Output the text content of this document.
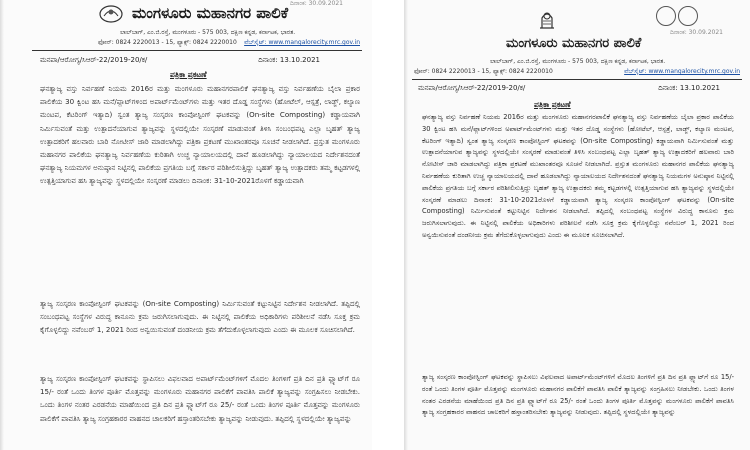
ದಿನಾಂಕ: 30.09.2021
ಮಂಗಳೂರು ಮಹಾನಗರ ಪಾಲಿಕೆ
ಲಾಲ್‌ಬಾಗ್, ಎಂ.ಜಿ.ರಸ್ತೆ, ಮಂಗಳೂರು - 575 003, ದಕ್ಷಿಣ ಕನ್ನಡ, ಕರ್ನಾಟಕ, ಭಾರತ.
ಫೋನ್: 0824 2220013 - 15, ಫ್ಯಾಕ್ಸ್: 0824 2220010 ವೆಬ್‌ಸೈಟ್: www.mangalorecity.mrc.gov.in
ಮನಪಾ/ಆರೋಗ್ಯ/ಸಿಆರ್-22/2019-20/ಕ/	ದಿನಾಂಕ: 13.10.2021
ಪತ್ರಿಕಾ ಪ್ರಕಟಣೆ
ಘನತ್ಯಾಜ್ಯ ವಸ್ತು ನಿರ್ವಹಣೆ ನಿಯಮ 2016ರ ಮತ್ತು ಮಂಗಳೂರು ಮಹಾನಗರಪಾಲಿಕೆ ಘನತ್ಯಾಜ್ಯ ವಸ್ತು ನಿರ್ವಹಣೆಯ ಬೈಲಾ ಪ್ರಕಾರ ಪಾಲಿಕೆಯ 30 ಕ್ವಿಂಟ ಹಸಿ ಮನೆ/ಪ್ಲಾಟ್‌ಗಳಿಂದ ಅಪಾರ್ಟ್‌ಮೆಂಟ್‌ಗಳು ಮತ್ತು ಇತರ ದೊಡ್ಡ ಸಂಸ್ಥೆಗಳು (ಹೋಟೆಲ್, ಆಸ್ಪತ್ರೆ, ಲಾಡ್ಜ್, ಕಲ್ಯಾಣ ಮಂಟಪ, ಕೆಟರಿಂಗ್ ಇತ್ಯಾದಿ) ಸ್ವಂತ ತ್ಯಾಜ್ಯ ಸಂಸ್ಕರಣ ಕಾಂಪೋಸ್ಟಿಂಗ್ ಘಟಕವನ್ನು (On-site Composting) ಕಡ್ಡಾಯವಾಗಿ ನಿರ್ಮಿಸುವಂತೆ ಮತ್ತು ಉತ್ಪಾದನೆಯಾಗುವ ತ್ಯಾಜ್ಯವನ್ನು ಸ್ಥಳದಲ್ಲಿಯೇ ಸಂಸ್ಕರಣೆ ಮಾಡುವಂತೆ ತಿಳಿಸಿ ಸಂಬಂಧಪಟ್ಟ ಎಲ್ಲಾ ಬೃಹತ್ ತ್ಯಾಜ್ಯ ಉತ್ಪಾದಕರಿಗೆ ಹಲವಾರು ಬಾರಿ ನೋಟೀಸ್ ಜಾರಿ ಮಾಡಲಾಗಿದ್ದು ಪತ್ರಿಕಾ ಪ್ರಕಟಣೆ ಮುಖಾಂತರವೂ ಸೂಚನೆ ನೀಡಲಾಗಿದೆ. ಪ್ರಸ್ತುತ ಮಂಗಳೂರು ಮಹಾನಗರ ಪಾಲಿಕೆಯ ಘನತ್ಯಾಜ್ಯ ನಿರ್ವಹಣೆಯ ಕುರಿತಾಗಿ ಉಚ್ಚ ನ್ಯಾಯಾಲಯದಲ್ಲಿ ದಾವೆ ಹೂಡಲಾಗಿದ್ದು ನ್ಯಾಯಾಲಯದ ನಿರ್ದೇಶನದಂತೆ ಘನತ್ಯಾಜ್ಯ ನಿಯಮಗಳ ಅನುಷ್ಠಾನ ನಿಟ್ಟಿನಲ್ಲಿ ಪಾಲಿಕೆಯ ಪ್ರಗತಿಯ ಬಗ್ಗೆ ಸರ್ಕಾರ ಪರಿಶೀಲಿಸುತ್ತಿದ್ದು ಬೃಹತ್ ತ್ಯಾಜ್ಯ ಉತ್ಪಾದಕರು ತಮ್ಮ ಕಟ್ಟಡಗಳಲ್ಲಿ ಉತ್ಪತ್ತಿಯಾಗುವ ಹಸಿ ತ್ಯಾಜ್ಯವನ್ನು ಸ್ಥಳದಲ್ಲಿಯೇ ಸಂಸ್ಕರಣೆ ಮಾಡಲು ದಿನಾಂಕ: 31-10-2021ರೊಳಗೆ ಕಡ್ಡಾಯವಾಗಿ
ತ್ಯಾಜ್ಯ ಸಂಸ್ಕರಣ ಕಾಂಪೋಸ್ಟಿಂಗ್ ಘಟಕವನ್ನು (On-site Composting) ನಿರ್ಮಿಸುವಂತೆ ಕಟ್ಟುನಿಟ್ಟಿನ ನಿರ್ದೇಶನ ನೀಡಲಾಗಿದೆ. ತಪ್ಪಿದಲ್ಲಿ ಸಂಬಂಧಪಟ್ಟ ಸಂಸ್ಥೆಗಳ ವಿರುದ್ಧ ಕಾನೂನು ಕ್ರಮ ಜರುಗಿಸಲಾಗುವುದು. ಈ ನಿಟ್ಟಿನಲ್ಲಿ ಪಾಲಿಕೆಯ ಅಧಿಕಾರಿಗಳು ಪರಿಶೀಲನೆ ನಡೆಸಿ ಸೂಕ್ತ ಕ್ರಮ ಕೈಗೊಳ್ಳಲಿದ್ದು ನವೆಂಬರ್ 1, 2021 ರಿಂದ ಅನ್ವಯಿಸುವಂತೆ ದಂಡನೀಯ ಕ್ರಮ ತೆಗೆದುಕೊಳ್ಳಲಾಗುವುದು ಎಂದು ಈ ಮೂಲಕ ಸೂಚಿಸಲಾಗಿದೆ.
ತ್ಯಾಜ್ಯ ಸಂಸ್ಕರಣ ಕಾಂಪೋಸ್ಟಿಂಗ್ ಘಟಕವನ್ನು ಸ್ಥಾಪಿಸಲು ವಿಫಲವಾದ ಅಪಾರ್ಟ್‌ಮೆಂಟ್‌ಗಳಿಗೆ ಮೊದಲ ತಿಂಗಳಿಗೆ ಪ್ರತಿ ದಿನ ಪ್ರತಿ ಫ್ಲ್ಯಾಟ್‌ಗೆ ರೂ 15/- ರಂತೆ ಒಂದು ತಿಂಗಳ ಪೂರ್ತಿ ಮೊತ್ತವನ್ನು ಮಂಗಳೂರು ಮಹಾನಗರ ಪಾಲಿಕೆಗೆ ಪಾವತಿಸಿ ಪಾಲಿಕೆ ತ್ಯಾಜ್ಯವನ್ನು ಸಂಗ್ರಹಿಸಲು ನೀಡಬೇಕು. ಒಂದು ತಿಂಗಳ ನಂತರ ಎರಡನೆಯ ಮಾಹೆಯಿಂದ ಪ್ರತಿ ದಿನ ಪ್ರತಿ ಫ್ಲ್ಯಾಟ್‌ಗೆ ರೂ 25/- ರಂತೆ ಒಂದು ತಿಂಗಳ ಪೂರ್ತಿ ಮೊತ್ತವನ್ನು ಮಂಗಳೂರು ಪಾಲಿಕೆಗೆ ಪಾವತಿಸಿ ತ್ಯಾಜ್ಯ ಸಂಗ್ರಹಕಾರರ ವಾಹನದ ಚಾಲಕರಿಗೆ ಹಸ್ತಾಂತರಿಸಬೇಕು ತ್ಯಾಜ್ಯವನ್ನು ನೀಡುವುದು. ತಪ್ಪಿದಲ್ಲಿ ಸ್ಥಳದಲ್ಲಿಯೇ ತ್ಯಾಜ್ಯವನ್ನು
ದಿನಾಂಕ: 30.09.2021
ಮಂಗಳೂರು ಮಹಾನಗರ ಪಾಲಿಕೆ
ಲಾಲ್‌ಬಾಗ್, ಎಂ.ಜಿ.ರಸ್ತೆ, ಮಂಗಳೂರು - 575 003, ದಕ್ಷಿಣ ಕನ್ನಡ, ಕರ್ನಾಟಕ, ಭಾರತ.
ಫೋನ್: 0824 2220013 - 15, ಫ್ಯಾಕ್ಸ್: 0824 2220010	ವೆಬ್‌ಸೈಟ್: www.mangalorecity.mrc.gov.in
ಮನಪಾ/ಆರೋಗ್ಯ/ಸಿಆರ್-22/2019-20/ಕ/	ದಿನಾಂಕ: 13.10.2021
ಪತ್ರಿಕಾ ಪ್ರಕಟಣೆ
ಘನತ್ಯಾಜ್ಯ ವಸ್ತು ನಿರ್ವಹಣೆ ನಿಯಮ 2016ರ ಮತ್ತು ಮಂಗಳೂರು ಮಹಾನಗರಪಾಲಿಕೆ ಘನತ್ಯಾಜ್ಯ ವಸ್ತು ನಿರ್ವಹಣೆಯ ಬೈಲಾ ಪ್ರಕಾರ ಪಾಲಿಕೆಯ 30 ಕ್ವಿಂಟ ಹಸಿ ಮನೆ/ಪ್ಲಾಟ್‌ಗಳಿಂದ ಅಪಾರ್ಟ್‌ಮೆಂಟ್‌ಗಳು ಮತ್ತು ಇತರ ದೊಡ್ಡ ಸಂಸ್ಥೆಗಳು (ಹೋಟೆಲ್, ಆಸ್ಪತ್ರೆ, ಲಾಡ್ಜ್, ಕಲ್ಯಾಣ ಮಂಟಪ, ಕೆಟರಿಂಗ್ ಇತ್ಯಾದಿ) ಸ್ವಂತ ತ್ಯಾಜ್ಯ ಸಂಸ್ಕರಣ ಕಾಂಪೋಸ್ಟಿಂಗ್ ಘಟಕವನ್ನು (On-site Composting) ಕಡ್ಡಾಯವಾಗಿ ನಿರ್ಮಿಸುವಂತೆ ಮತ್ತು ಉತ್ಪಾದನೆಯಾಗುವ ತ್ಯಾಜ್ಯವನ್ನು ಸ್ಥಳದಲ್ಲಿಯೇ ಸಂಸ್ಕರಣೆ ಮಾಡುವಂತೆ ತಿಳಿಸಿ ಸಂಬಂಧಪಟ್ಟ ಎಲ್ಲಾ ಬೃಹತ್ ತ್ಯಾಜ್ಯ ಉತ್ಪಾದಕರಿಗೆ ಹಲವಾರು ಬಾರಿ ನೋಟೀಸ್ ಜಾರಿ ಮಾಡಲಾಗಿದ್ದು ಪತ್ರಿಕಾ ಪ್ರಕಟಣೆ ಮುಖಾಂತರವೂ ಸೂಚನೆ ನೀಡಲಾಗಿದೆ. ಪ್ರಸ್ತುತ ಮಂಗಳೂರು ಮಹಾನಗರ ಪಾಲಿಕೆಯ ಘನತ್ಯಾಜ್ಯ ನಿರ್ವಹಣೆಯ ಕುರಿತಾಗಿ ಉಚ್ಚ ನ್ಯಾಯಾಲಯದಲ್ಲಿ ದಾವೆ ಹೂಡಲಾಗಿದ್ದು ನ್ಯಾಯಾಲಯದ ನಿರ್ದೇಶನದಂತೆ ಘನತ್ಯಾಜ್ಯ ನಿಯಮಗಳ ಅನುಷ್ಠಾನ ನಿಟ್ಟಿನಲ್ಲಿ ಪಾಲಿಕೆಯ ಪ್ರಗತಿಯ ಬಗ್ಗೆ ಸರ್ಕಾರ ಪರಿಶೀಲಿಸುತ್ತಿದ್ದು ಬೃಹತ್ ತ್ಯಾಜ್ಯ ಉತ್ಪಾದಕರು ತಮ್ಮ ಕಟ್ಟಡಗಳಲ್ಲಿ ಉತ್ಪತ್ತಿಯಾಗುವ ಹಸಿ ತ್ಯಾಜ್ಯವನ್ನು ಸ್ಥಳದಲ್ಲಿಯೇ ಸಂಸ್ಕರಣೆ ಮಾಡಲು ದಿನಾಂಕ: 31-10-2021ರೊಳಗೆ ಕಡ್ಡಾಯವಾಗಿ ತ್ಯಾಜ್ಯ ಸಂಸ್ಕರಣ ಕಾಂಪೋಸ್ಟಿಂಗ್ ಘಟಕವನ್ನು (On-site Composting) ನಿರ್ಮಿಸುವಂತೆ ಕಟ್ಟುನಿಟ್ಟಿನ ನಿರ್ದೇಶನ ನೀಡಲಾಗಿದೆ. ತಪ್ಪಿದಲ್ಲಿ ಸಂಬಂಧಪಟ್ಟ ಸಂಸ್ಥೆಗಳ ವಿರುದ್ಧ ಕಾನೂನು ಕ್ರಮ ಜರುಗಿಸಲಾಗುವುದು. ಈ ನಿಟ್ಟಿನಲ್ಲಿ ಪಾಲಿಕೆಯ ಅಧಿಕಾರಿಗಳು ಪರಿಶೀಲನೆ ನಡೆಸಿ ಸೂಕ್ತ ಕ್ರಮ ಕೈಗೊಳ್ಳಲಿದ್ದು ನವೆಂಬರ್ 1, 2021 ರಿಂದ ಅನ್ವಯಿಸುವಂತೆ ದಂಡನೀಯ ಕ್ರಮ ತೆಗೆದುಕೊಳ್ಳಲಾಗುವುದು ಎಂದು ಈ ಮೂಲಕ ಸೂಚಿಸಲಾಗಿದೆ.
ತ್ಯಾಜ್ಯ ಸಂಸ್ಕರಣ ಕಾಂಪೋಸ್ಟಿಂಗ್ ಘಟಕವನ್ನು ಸ್ಥಾಪಿಸಲು ವಿಫಲವಾದ ಅಪಾರ್ಟ್‌ಮೆಂಟ್‌ಗಳಿಗೆ ಮೊದಲ ತಿಂಗಳಿಗೆ ಪ್ರತಿ ದಿನ ಪ್ರತಿ ಫ್ಲ್ಯಾಟ್‌ಗೆ ರೂ 15/- ರಂತೆ ಒಂದು ತಿಂಗಳ ಪೂರ್ತಿ ಮೊತ್ತವನ್ನು ಮಂಗಳೂರು ಮಹಾನಗರ ಪಾಲಿಕೆಗೆ ಪಾವತಿಸಿ ಪಾಲಿಕೆ ತ್ಯಾಜ್ಯವನ್ನು ಸಂಗ್ರಹಿಸಲು ನೀಡಬೇಕು. ಒಂದು ತಿಂಗಳ ನಂತರ ಎರಡನೆಯ ಮಾಹೆಯಿಂದ ಪ್ರತಿ ದಿನ ಪ್ರತಿ ಫ್ಲ್ಯಾಟ್‌ಗೆ ರೂ 25/- ರಂತೆ ಒಂದು ತಿಂಗಳ ಪೂರ್ತಿ ಮೊತ್ತವನ್ನು ಮಂಗಳೂರು ಪಾಲಿಕೆಗೆ ಪಾವತಿಸಿ ತ್ಯಾಜ್ಯ ಸಂಗ್ರಹಕಾರರ ವಾಹನದ ಚಾಲಕರಿಗೆ ಹಸ್ತಾಂತರಿಸಬೇಕು ತ್ಯಾಜ್ಯವನ್ನು ನೀಡುವುದು. ತಪ್ಪಿದಲ್ಲಿ ಸ್ಥಳದಲ್ಲಿಯೇ ತ್ಯಾಜ್ಯವನ್ನು
